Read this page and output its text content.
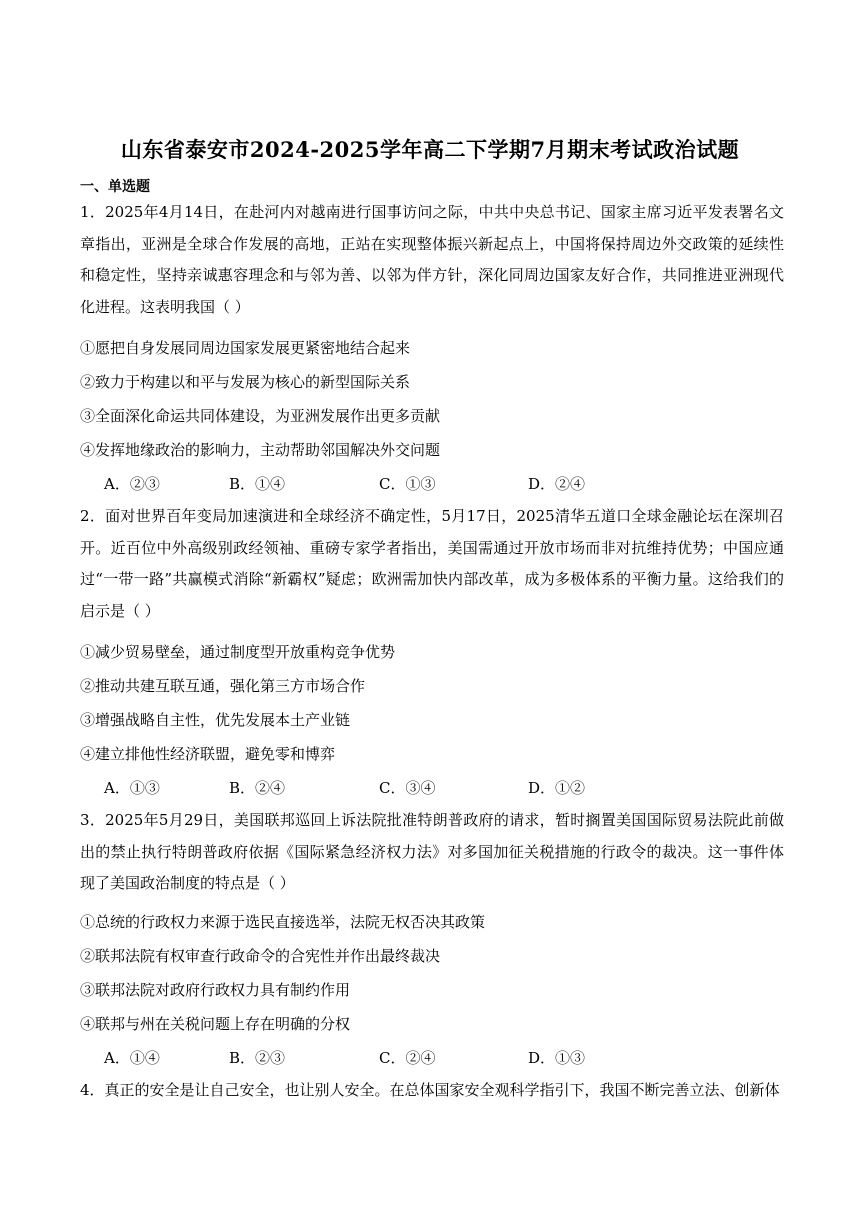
山东省泰安市2024-2025学年高二下学期7月期末考试政治试题
一、单选题
1．2025年4月14日，在赴河内对越南进行国事访问之际，中共中央总书记、国家主席习近平发表署名文章指出，亚洲是全球合作发展的高地，正站在实现整体振兴新起点上，中国将保持周边外交政策的延续性和稳定性，坚持亲诚惠容理念和与邻为善、以邻为伴方针，深化同周边国家友好合作，共同推进亚洲现代化进程。这表明我国（ ）
①愿把自身发展同周边国家发展更紧密地结合起来
②致力于构建以和平与发展为核心的新型国际关系
③全面深化命运共同体建设，为亚洲发展作出更多贡献
④发挥地缘政治的影响力，主动帮助邻国解决外交问题
A．②③	B．①④	C．①③	D．②④
2．面对世界百年变局加速演进和全球经济不确定性，5月17日，2025清华五道口全球金融论坛在深圳召开。近百位中外高级别政经领袖、重磅专家学者指出，美国需通过开放市场而非对抗维持优势；中国应通过“一带一路”共赢模式消除“新霸权”疑虑；欧洲需加快内部改革，成为多极体系的平衡力量。这给我们的启示是（ ）
①减少贸易壁垒，通过制度型开放重构竞争优势
②推动共建互联互通，强化第三方市场合作
③增强战略自主性，优先发展本土产业链
④建立排他性经济联盟，避免零和博弈
A．①③	B．②④	C．③④	D．①②
3．2025年5月29日，美国联邦巡回上诉法院批准特朗普政府的请求，暂时搁置美国国际贸易法院此前做出的禁止执行特朗普政府依据《国际紧急经济权力法》对多国加征关税措施的行政令的裁决。这一事件体现了美国政治制度的特点是（ ）
①总统的行政权力来源于选民直接选举，法院无权否决其政策
②联邦法院有权审查行政命令的合宪性并作出最终裁决
③联邦法院对政府行政权力具有制约作用
④联邦与州在关税问题上存在明确的分权
A．①④	B．②③	C．②④	D．①③
4．真正的安全是让自己安全，也让别人安全。在总体国家安全观科学指引下，我国不断完善立法、创新体
